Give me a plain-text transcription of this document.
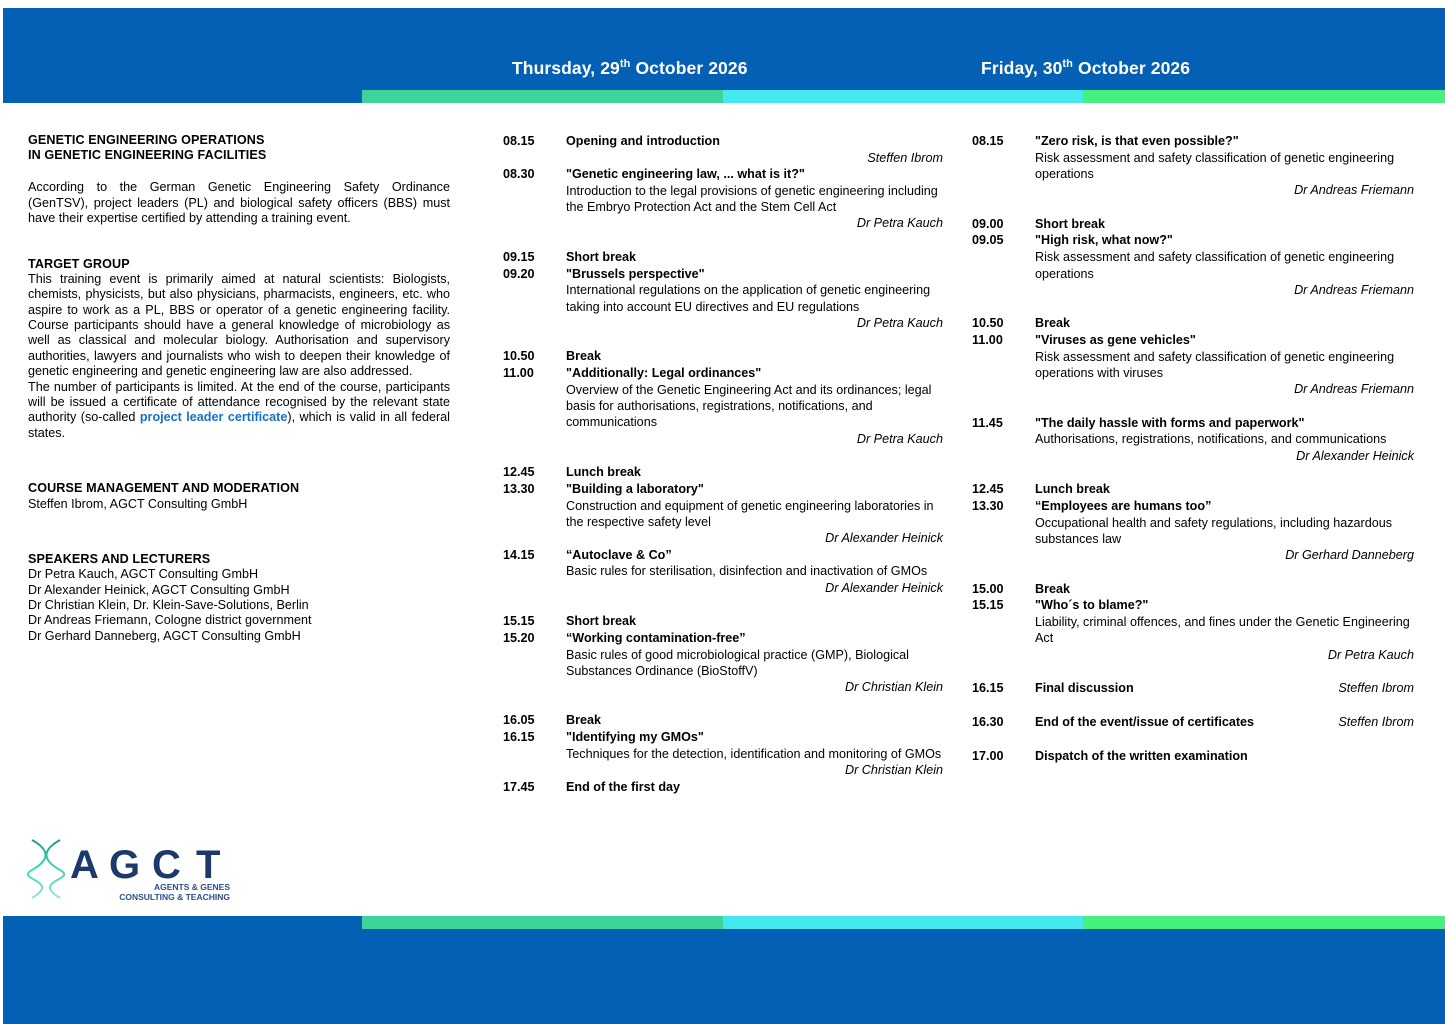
Thursday, 29th October 2026	Friday, 30th October 2026
GENETIC ENGINEERING OPERATIONS
IN GENETIC ENGINEERING FACILITIES
According to the German Genetic Engineering Safety Ordinance (GenTSV), project leaders (PL) and biological safety officers (BBS) must have their expertise certified by attending a training event.
TARGET GROUP
This training event is primarily aimed at natural scientists: Biologists, chemists, physicists, but also physicians, pharmacists, engineers, etc. who aspire to work as a PL, BBS or operator of a genetic engineering facility. Course participants should have a general knowledge of microbiology as well as classical and molecular biology. Authorisation and supervisory authorities, lawyers and journalists who wish to deepen their knowledge of genetic engineering and genetic engineering law are also addressed.
The number of participants is limited. At the end of the course, participants will be issued a certificate of attendance recognised by the relevant state authority (so-called project leader certificate), which is valid in all federal states.
COURSE MANAGEMENT AND MODERATION
Steffen Ibrom, AGCT Consulting GmbH
SPEAKERS AND LECTURERS
Dr Petra Kauch, AGCT Consulting GmbH
Dr Alexander Heinick, AGCT Consulting GmbH
Dr Christian Klein, Dr. Klein-Save-Solutions, Berlin
Dr Andreas Friemann, Cologne district government
Dr Gerhard Danneberg, AGCT Consulting GmbH
A G C T
AGENTS & GENES
CONSULTING & TEACHING
08.15	Opening and introduction
Steffen Ibrom
08.30	"Genetic engineering law, ... what is it?"
Introduction to the legal provisions of genetic engineering including the Embryo Protection Act and the Stem Cell Act
Dr Petra Kauch
09.15	Short break
09.20	"Brussels perspective"
International regulations on the application of genetic engineering taking into account EU directives and EU regulations
Dr Petra Kauch
10.50	Break
11.00	"Additionally: Legal ordinances"
Overview of the Genetic Engineering Act and its ordinances; legal basis for authorisations, registrations, notifications, and communications
Dr Petra Kauch
12.45	Lunch break
13.30	"Building a laboratory"
Construction and equipment of genetic engineering laboratories in the respective safety level
Dr Alexander Heinick
14.15	“Autoclave & Co”
Basic rules for sterilisation, disinfection and inactivation of GMOs
Dr Alexander Heinick
15.15	Short break
15.20	“Working contamination-free”
Basic rules of good microbiological practice (GMP), Biological Substances Ordinance (BioStoffV)
Dr Christian Klein
16.05	Break
16.15	"Identifying my GMOs"
Techniques for the detection, identification and monitoring of GMOs
Dr Christian Klein
17.45	End of the first day
08.15	"Zero risk, is that even possible?"
Risk assessment and safety classification of genetic engineering operations
Dr Andreas Friemann
09.00	Short break
09.05	"High risk, what now?"
Risk assessment and safety classification of genetic engineering operations
Dr Andreas Friemann
10.50	Break
11.00	"Viruses as gene vehicles"
Risk assessment and safety classification of genetic engineering operations with viruses
Dr Andreas Friemann
11.45	"The daily hassle with forms and paperwork"
Authorisations, registrations, notifications, and communications
Dr Alexander Heinick
12.45	Lunch break
13.30	“Employees are humans too”
Occupational health and safety regulations, including hazardous substances law
Dr Gerhard Danneberg
15.00	Break
15.15	"Who´s to blame?"
Liability, criminal offences, and fines under the Genetic Engineering Act
Dr Petra Kauch
16.15	Final discussion	Steffen Ibrom
16.30	End of the event/issue of certificates	Steffen Ibrom
17.00	Dispatch of the written examination
